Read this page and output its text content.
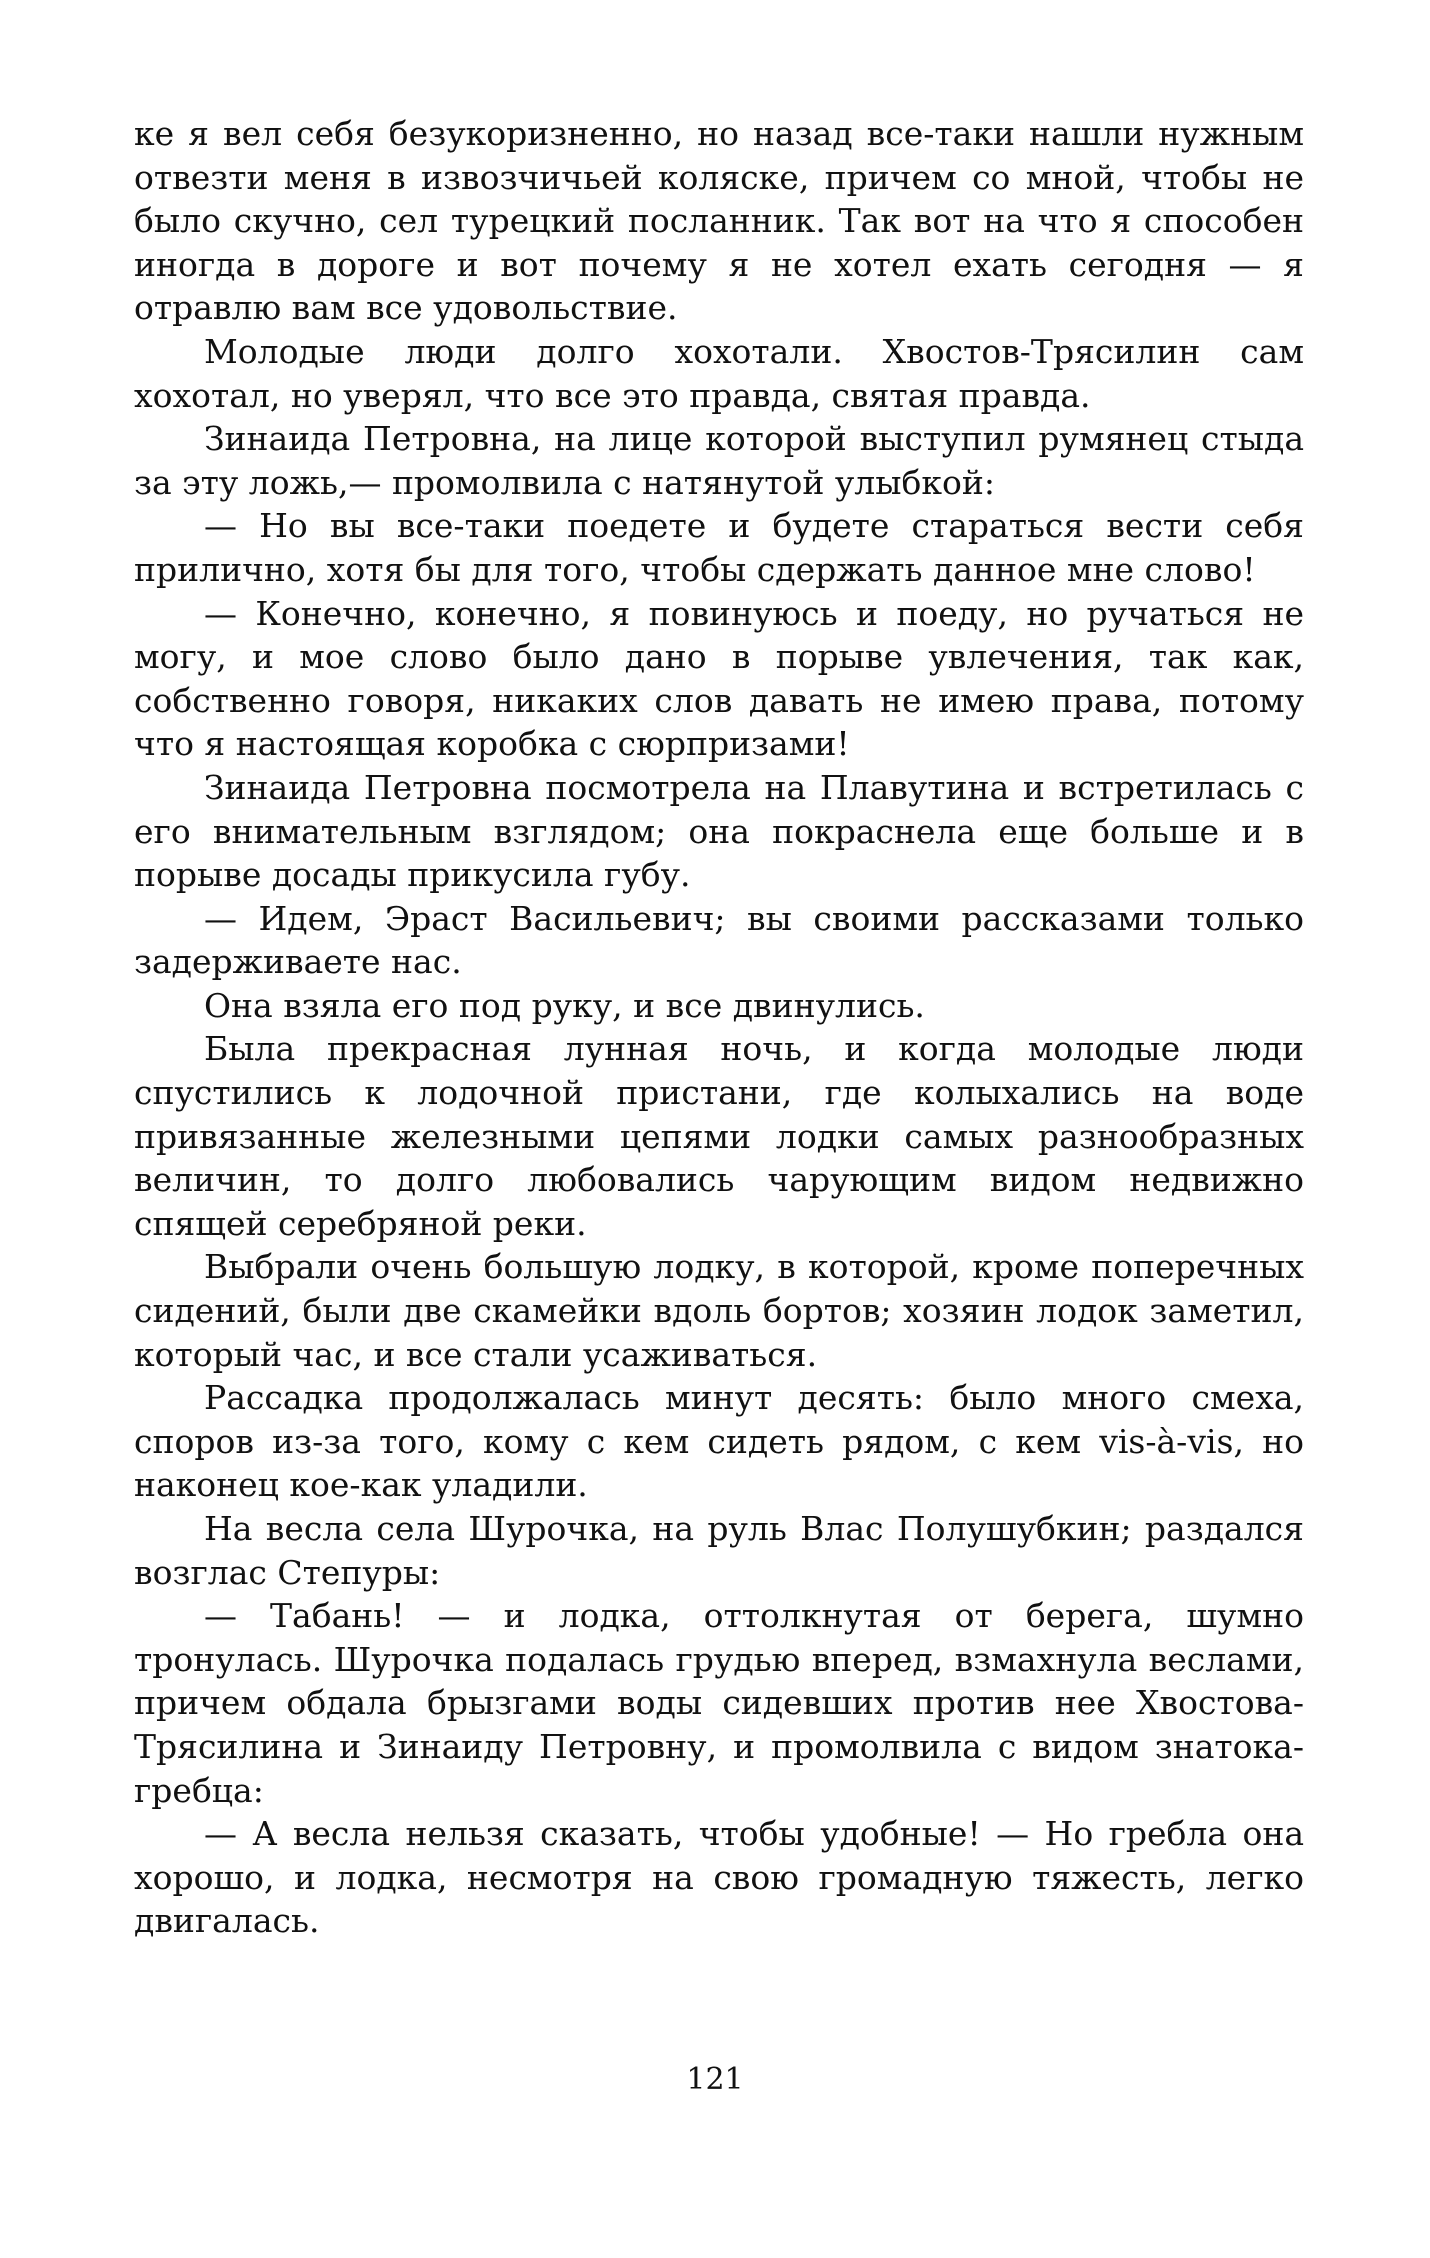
ке я вел себя безукоризненно, но назад все-таки нашли нужным отвезти меня в извозчичьей коляске, причем со мной, чтобы не было скучно, сел турецкий посланник. Так вот на что я способен иногда в дороге и вот почему я не хотел ехать сегодня — я отравлю вам все удовольствие.

Молодые люди долго хохотали. Хвостов-Трясилин сам хохотал, но уверял, что все это правда, святая правда.

Зинаида Петровна, на лице которой выступил румянец стыда за эту ложь,— промолвила с натянутой улыбкой:

— Но вы все-таки поедете и будете стараться вести себя прилично, хотя бы для того, чтобы сдержать данное мне слово!

— Конечно, конечно, я повинуюсь и поеду, но ручаться не могу, и мое слово было дано в порыве увлечения, так как, собственно говоря, никаких слов давать не имею права, потому что я настоящая коробка с сюрпризами!

Зинаида Петровна посмотрела на Плавутина и встретилась с его внимательным взглядом; она покраснела еще больше и в порыве досады прикусила губу.

— Идем, Эраст Васильевич; вы своими рассказами только задерживаете нас.

Она взяла его под руку, и все двинулись.

Была прекрасная лунная ночь, и когда молодые люди спустились к лодочной пристани, где колыхались на воде привязанные железными цепями лодки самых разнообразных величин, то долго любовались чарующим видом недвижно спящей серебряной реки.

Выбрали очень большую лодку, в которой, кроме поперечных сидений, были две скамейки вдоль бортов; хозяин лодок заметил, который час, и все стали усаживаться.

Рассадка продолжалась минут десять: было много смеха, споров из-за того, кому с кем сидеть рядом, с кем vis-à-vis, но наконец кое-как уладили.

На весла села Шурочка, на руль Влас Полушубкин; раздался возглас Степуры:

— Табань! — и лодка, оттолкнутая от берега, шумно тронулась. Шурочка подалась грудью вперед, взмахнула веслами, причем обдала брызгами воды сидевших против нее Хвостова-Трясилина и Зинаиду Петровну, и промолвила с видом знатока-гребца:

— А весла нельзя сказать, чтобы удобные! — Но гребла она хорошо, и лодка, несмотря на свою громадную тяжесть, легко двигалась.

121
